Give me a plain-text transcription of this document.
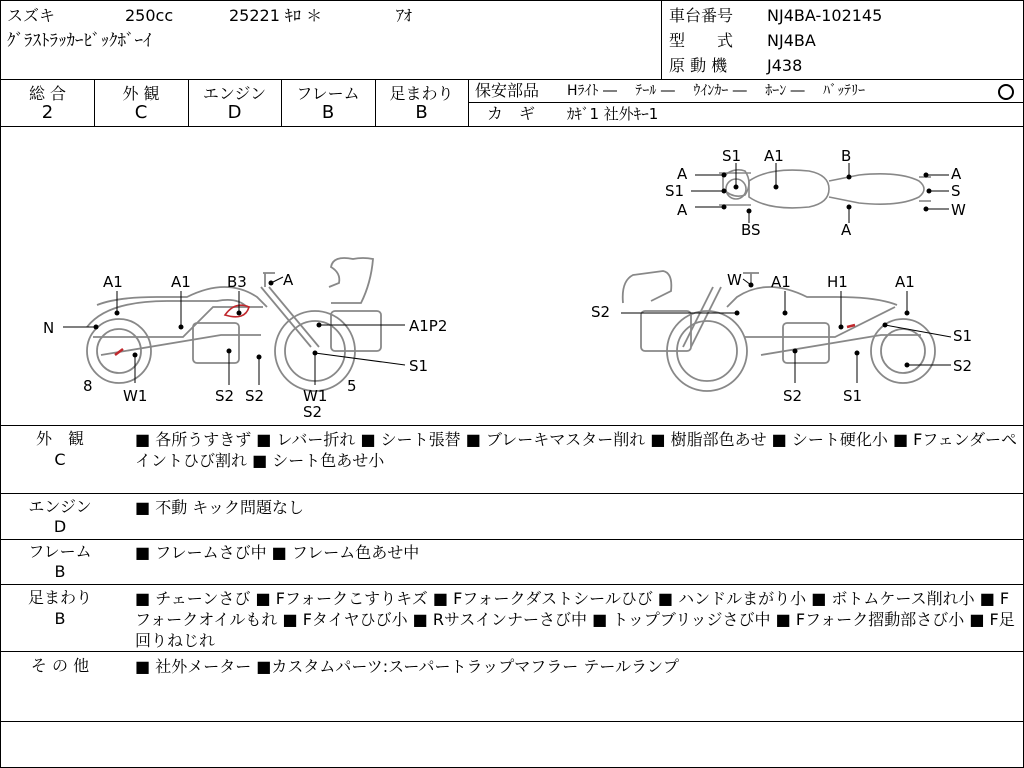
スズキ	250cc	25221 ｷﾛ ＊	ｱｵ
ｸﾞﾗｽﾄﾗｯｶｰﾋﾞｯｸﾎﾞｰｲ
車台番号 NJ4BA-102145
型　　式 NJ4BA
原 動 機 J438
総 合
2
外 観
C
エンジン
D
フレーム
B
足まわり
B
保安部品 Hﾗｲﾄ ―　 ﾃｰﾙ ―　 ｳｲﾝｶｰ ―　 ﾎｰﾝ ―　 ﾊﾞｯﾃﾘｰ
カ　ギ ｶｷﾞ1 社外ｷｰ1
S1 A1	B
A	A
S1
A
S
W
BS	A
A1	A1 B3 A
N	A1P2
8
W1	S2 S2	W1
S2
5
S1
W A1 H1	A1
S2
S1
S2
S1
S2
外　観
C
■ 各所うすきず ■ レバー折れ ■ シート張替 ■ ブレーキマスター削れ ■ 樹脂部色あせ ■ シート硬化小 ■ Fフェンダーペイントひび割れ ■ シート色あせ小
エンジン
D
■ 不動 キック問題なし
フレーム
B
■ フレームさび中 ■ フレーム色あせ中
足まわり
B
■ チェーンさび ■ Fフォークこすりキズ ■ Fフォークダストシールひび ■ ハンドルまがり小 ■ ボトムケース削れ小 ■ Fフォークオイルもれ ■ Fタイヤひび小 ■ Rサスインナーさび中 ■ トップブリッジさび中 ■ Fフォーク摺動部さび小 ■ F足回りねじれ
そ の 他	■ 社外メーター ■カスタムパーツ:スーパートラップマフラー テールランプ
